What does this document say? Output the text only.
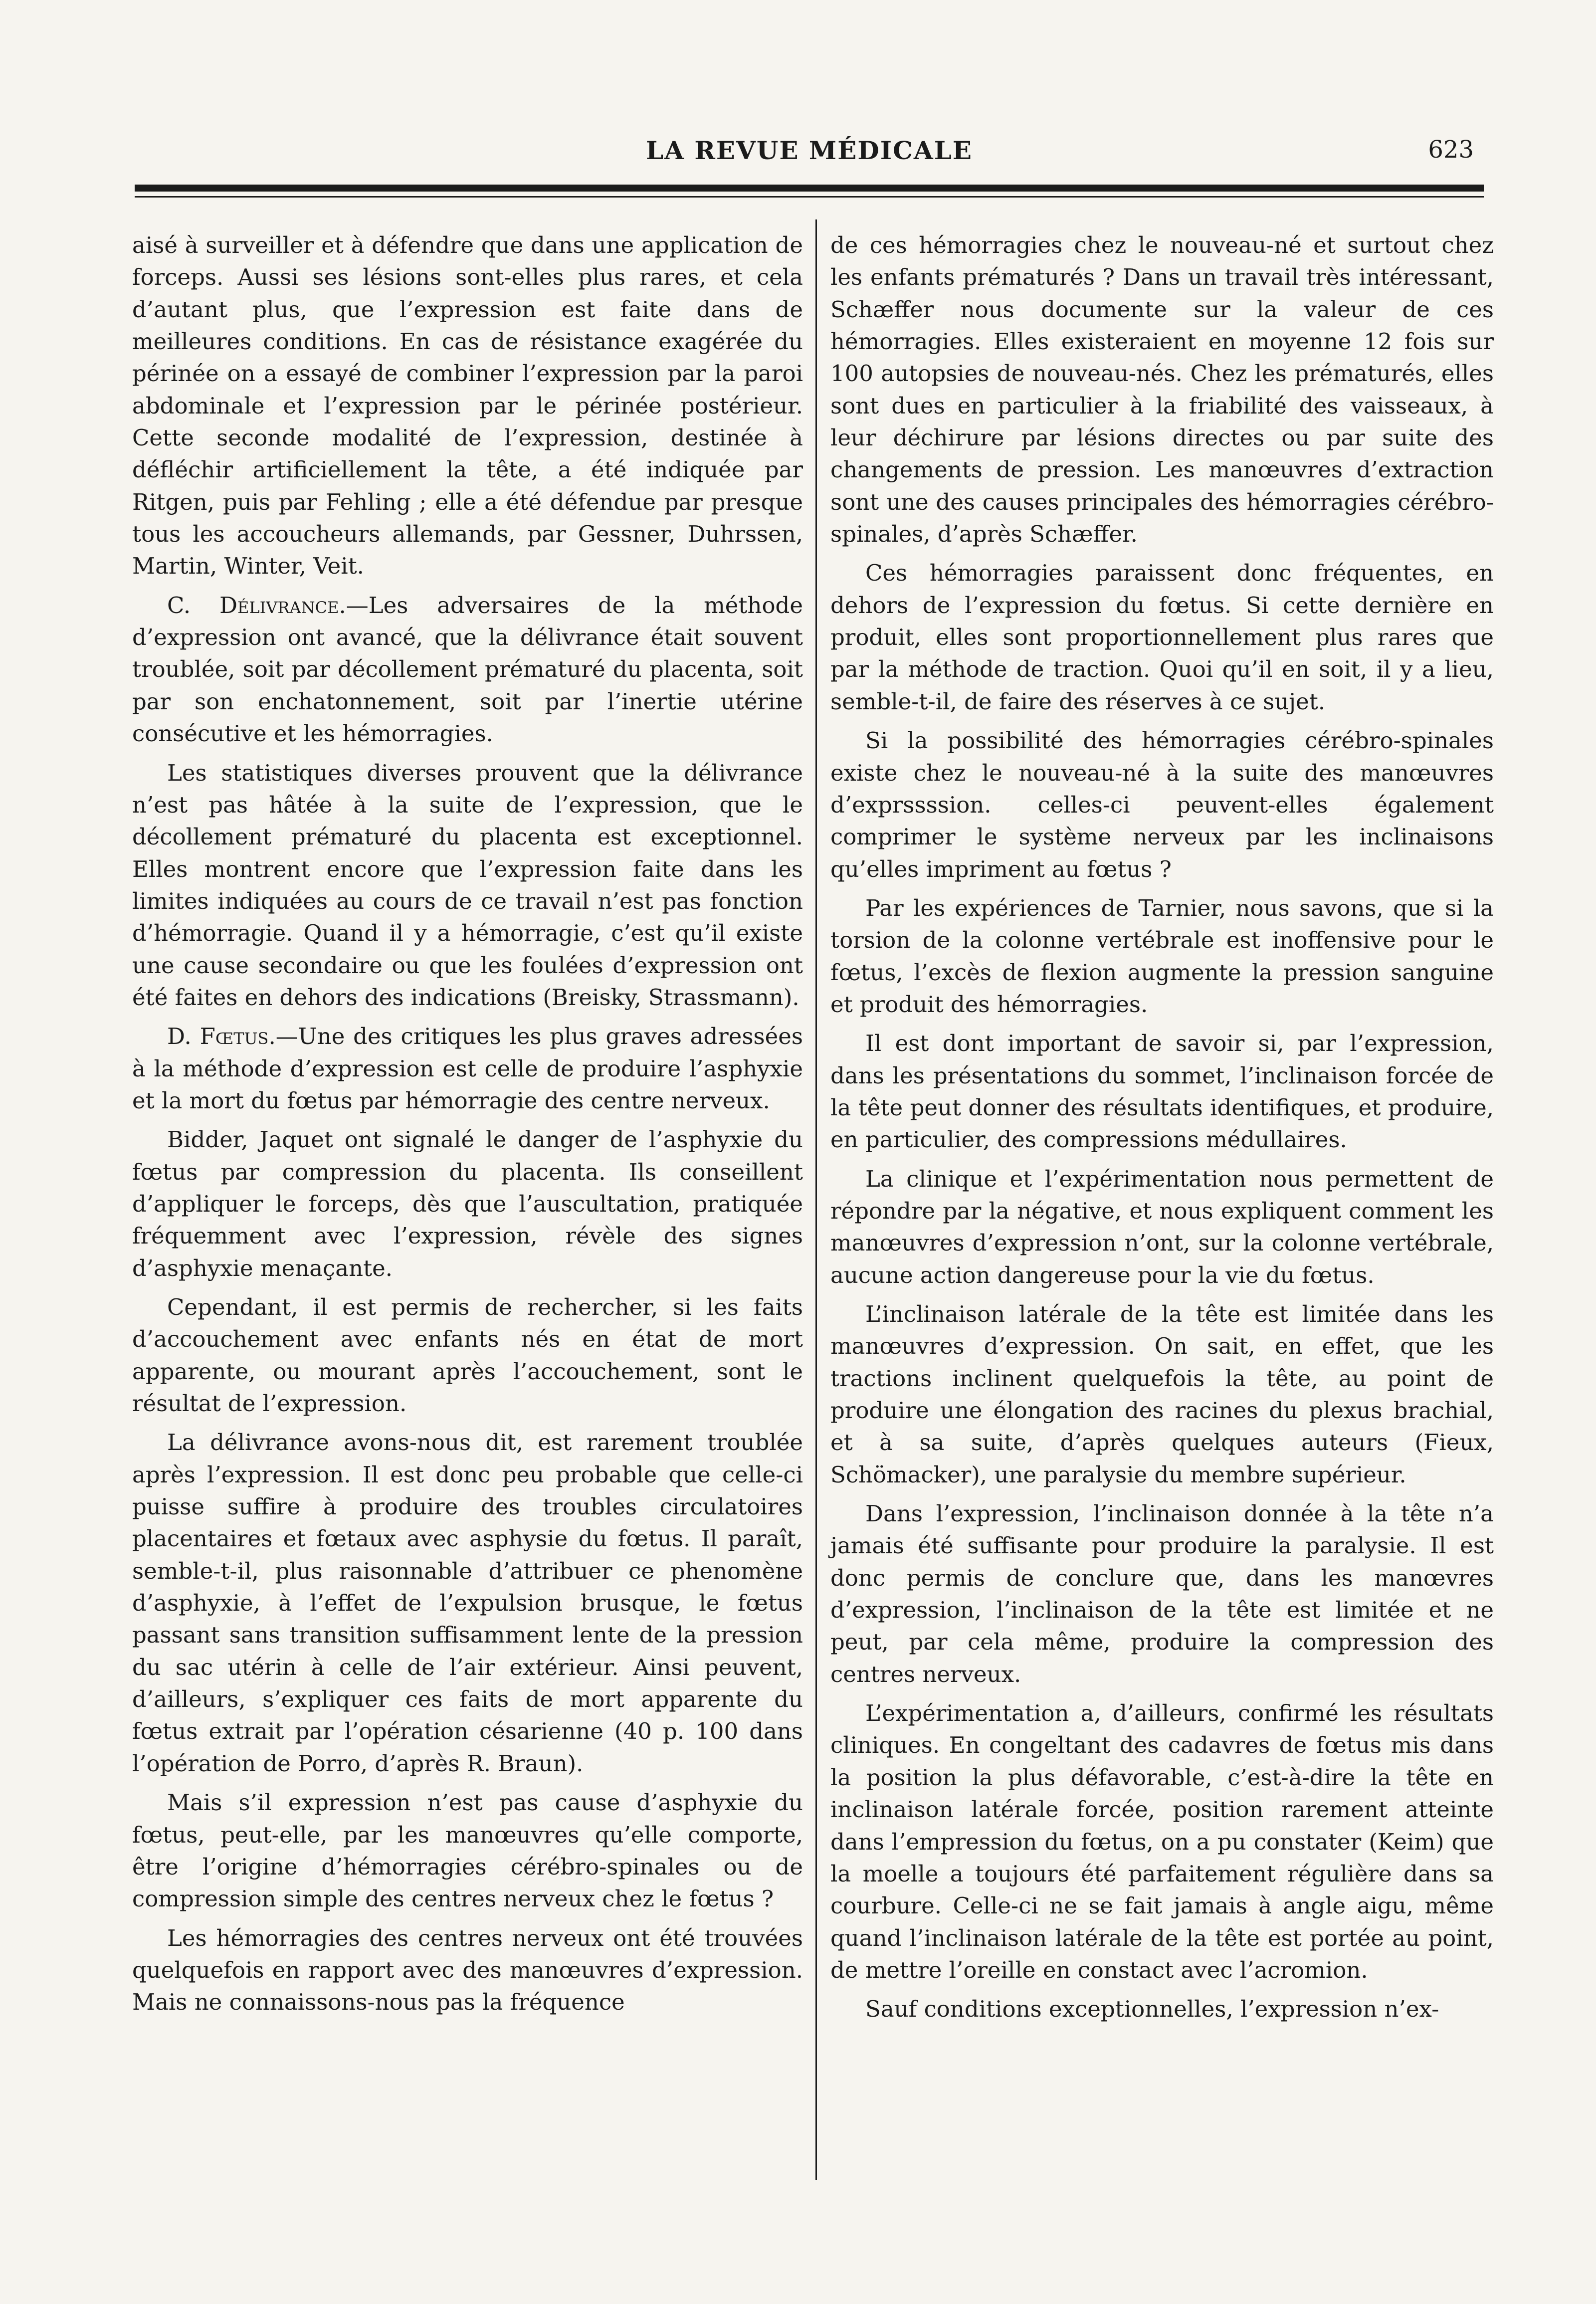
LA REVUE MÉDICALE	623

aisé à surveiller et à défendre que dans une application de forceps. Aussi ses lésions sont-elles plus rares, et cela d’autant plus, que l’expression est faite dans de meilleures conditions. En cas de résistance exagérée du périnée on a essayé de combiner l’expression par la paroi abdominale et l’expression par le périnée postérieur. Cette seconde modalité de l’expression, destinée à défléchir artificiellement la tête, a été indiquée par Ritgen, puis par Fehling ; elle a été défendue par presque tous les accoucheurs allemands, par Gessner, Duhrssen, Martin, Winter, Veit.

C. Délivrance.—Les adversaires de la méthode d’expression ont avancé, que la délivrance était souvent troublée, soit par décollement prématuré du placenta, soit par son enchatonnement, soit par l’inertie utérine consécutive et les hémorragies.

Les statistiques diverses prouvent que la délivrance n’est pas hâtée à la suite de l’expression, que le décollement prématuré du placenta est exceptionnel. Elles montrent encore que l’expression faite dans les limites indiquées au cours de ce travail n’est pas fonction d’hémorragie. Quand il y a hémorragie, c’est qu’il existe une cause secondaire ou que les foulées d’expression ont été faites en dehors des indications (Breisky, Strassmann).

D. Fœtus.—Une des critiques les plus graves adressées à la méthode d’expression est celle de produire l’asphyxie et la mort du fœtus par hémorragie des centre nerveux.

Bidder, Jaquet ont signalé le danger de l’asphyxie du fœtus par compression du placenta. Ils conseillent d’appliquer le forceps, dès que l’auscultation, pratiquée fréquemment avec l’expression, révèle des signes d’asphyxie menaçante.

Cependant, il est permis de rechercher, si les faits d’accouchement avec enfants nés en état de mort apparente, ou mourant après l’accouchement, sont le résultat de l’expression.

La délivrance avons-nous dit, est rarement troublée après l’expression. Il est donc peu probable que celle-ci puisse suffire à produire des troubles circulatoires placentaires et fœtaux avec asphysie du fœtus. Il paraît, semble-t-il, plus raisonnable d’attribuer ce phenomène d’asphyxie, à l’effet de l’expulsion brusque, le fœtus passant sans transition suffisamment lente de la pression du sac utérin à celle de l’air extérieur. Ainsi peuvent, d’ailleurs, s’expliquer ces faits de mort apparente du fœtus extrait par l’opération césarienne (40 p. 100 dans l’opération de Porro, d’après R. Braun).

Mais s’il expression n’est pas cause d’asphyxie du fœtus, peut-elle, par les manœuvres qu’elle comporte, être l’origine d’hémorragies cérébro-spinales ou de compression simple des centres nerveux chez le fœtus ?

Les hémorragies des centres nerveux ont été trouvées quelquefois en rapport avec des manœuvres d’expression. Mais ne connaissons-nous pas la fréquence

de ces hémorragies chez le nouveau-né et surtout chez les enfants prématurés ? Dans un travail très intéressant, Schæffer nous documente sur la valeur de ces hémorragies. Elles existeraient en moyenne 12 fois sur 100 autopsies de nouveau-nés. Chez les prématurés, elles sont dues en particulier à la friabilité des vaisseaux, à leur déchirure par lésions directes ou par suite des changements de pression. Les manœuvres d’extraction sont une des causes principales des hémorragies cérébro-spinales, d’après Schæffer.

Ces hémorragies paraissent donc fréquentes, en dehors de l’expression du fœtus. Si cette dernière en produit, elles sont proportionnellement plus rares que par la méthode de traction. Quoi qu’il en soit, il y a lieu, semble-t-il, de faire des réserves à ce sujet.

Si la possibilité des hémorragies cérébro-spinales existe chez le nouveau-né à la suite des manœuvres d’exprssssion. celles-ci peuvent-elles également comprimer le système nerveux par les inclinaisons qu’elles impriment au fœtus ?

Par les expériences de Tarnier, nous savons, que si la torsion de la colonne vertébrale est inoffensive pour le fœtus, l’excès de flexion augmente la pression sanguine et produit des hémorragies.

Il est dont important de savoir si, par l’expression, dans les présentations du sommet, l’inclinaison forcée de la tête peut donner des résultats identifiques, et produire, en particulier, des compressions médullaires.

La clinique et l’expérimentation nous permettent de répondre par la négative, et nous expliquent comment les manœuvres d’expression n’ont, sur la colonne vertébrale, aucune action dangereuse pour la vie du fœtus.

L’inclinaison latérale de la tête est limitée dans les manœuvres d’expression. On sait, en effet, que les tractions inclinent quelquefois la tête, au point de produire une élongation des racines du plexus brachial, et à sa suite, d’après quelques auteurs (Fieux, Schömacker), une paralysie du membre supérieur.

Dans l’expression, l’inclinaison donnée à la tête n’a jamais été suffisante pour produire la paralysie. Il est donc permis de conclure que, dans les manœvres d’expression, l’inclinaison de la tête est limitée et ne peut, par cela même, produire la compression des centres nerveux.

L’expérimentation a, d’ailleurs, confirmé les résultats cliniques. En congeltant des cadavres de fœtus mis dans la position la plus défavorable, c’est-à-dire la tête en inclinaison latérale forcée, position rarement atteinte dans l’empression du fœtus, on a pu constater (Keim) que la moelle a toujours été parfaitement régulière dans sa courbure. Celle-ci ne se fait jamais à angle aigu, même quand l’inclinaison latérale de la tête est portée au point, de mettre l’oreille en constact avec l’acromion.

Sauf conditions exceptionnelles, l’expression n’ex-
